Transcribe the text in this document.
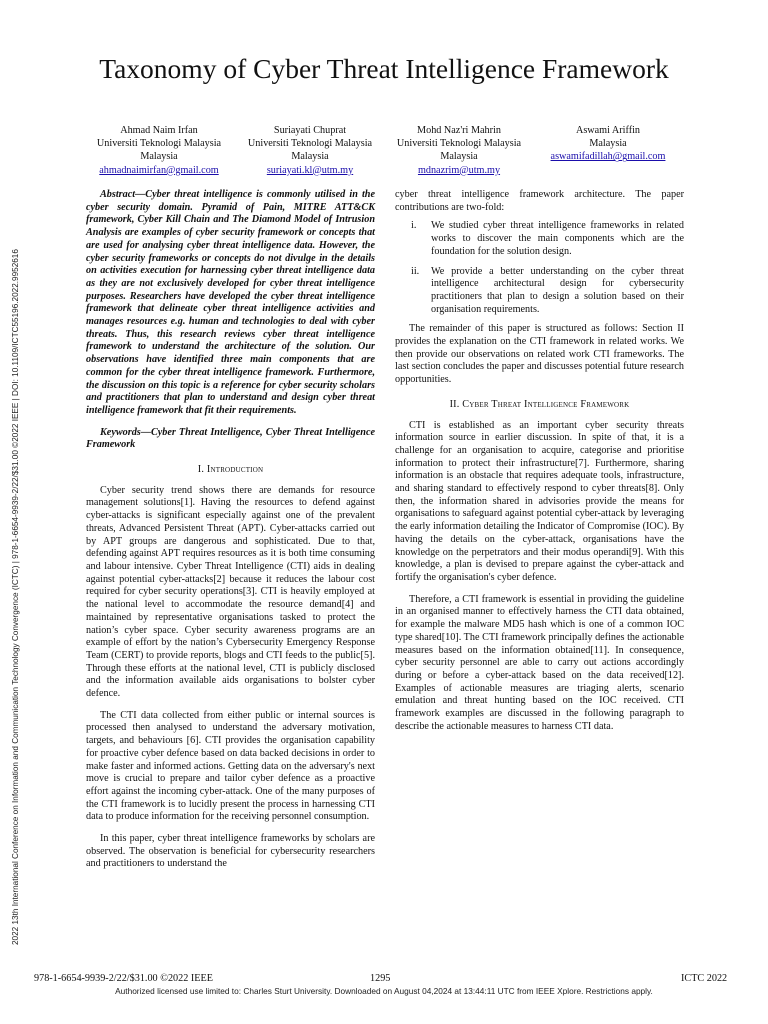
Taxonomy of Cyber Threat Intelligence Framework
2022 13th International Conference on Information and Communication Technology Convergence (ICTC) | 978-1-6654-9939-2/22/$31.00 ©2022 IEEE | DOI: 10.1109/ICTC55196.2022.9952616
Ahmad Naim Irfan
Universiti Teknologi Malaysia
Malaysia
ahmadnaimirfan@gmail.com
Suriayati Chuprat
Universiti Teknologi Malaysia
Malaysia
suriayati.kl@utm.my
Mohd Naz'ri Mahrin
Universiti Teknologi Malaysia
Malaysia
mdnazrim@utm.my
Aswami Ariffin
Malaysia
aswamifadillah@gmail.com

Abstract—Cyber threat intelligence is commonly utilised in the cyber security domain. Pyramid of Pain, MITRE ATT&CK framework, Cyber Kill Chain and The Diamond Model of Intrusion Analysis are examples of cyber security framework or concepts that are used for analysing cyber threat intelligence data. However, the cyber security frameworks or concepts do not divulge in the details on activities execution for harnessing cyber threat intelligence data as they are not exclusively developed for cyber threat intelligence purposes. Researchers have developed the cyber threat intelligence framework that delineate cyber threat intelligence activities and manages resources e.g. human and technologies to deal with cyber threats. Thus, this research reviews cyber threat intelligence framework to understand the architecture of the solution. Our observations have identified three main components that are common for the cyber threat intelligence framework. Furthermore, the discussion on this topic is a reference for cyber security scholars and practitioners that plan to understand and design cyber threat intelligence framework that fit their requirements.

Keywords—Cyber Threat Intelligence, Cyber Threat Intelligence Framework

I. Introduction

Cyber security trend shows there are demands for resource management solutions[1]. Having the resources to defend against cyber-attacks is significant especially against one of the prevalent threats, Advanced Persistent Threat (APT). Cyber-attacks carried out by APT groups are dangerous and sophisticated. Due to that, defending against APT requires resources as it is both time consuming and labour intensive. Cyber Threat Intelligence (CTI) aids in dealing against potential cyber-attacks[2] because it reduces the labour cost required for cyber security operations[3]. CTI is heavily employed at the national level to accommodate the resource demand[4] and maintained by representative organisations tasked to protect the nation’s cyber space. Cyber security awareness programs are an example of effort by the nation’s Cybersecurity Emergency Response Team (CERT) to provide reports, blogs and CTI feeds to the public[5]. Through these efforts at the national level, CTI is publicly disclosed and the information available aids organisations to bolster cyber defence.

The CTI data collected from either public or internal sources is processed then analysed to understand the adversary motivation, targets, and behaviours [6]. CTI provides the organisation capability for proactive cyber defence based on data backed decisions in order to make faster and informed actions. Getting data on the adversary's next move is crucial to prepare and tailor cyber defence as a proactive effort against the incoming cyber-attack. One of the many purposes of the CTI framework is to lucidly present the process in harnessing CTI data to produce information for the receiving personnel consumption.

In this paper, cyber threat intelligence frameworks by scholars are observed. The observation is beneficial for cybersecurity researchers and practitioners to understand the

cyber threat intelligence framework architecture. The paper contributions are two-fold:

i. We studied cyber threat intelligence frameworks in related works to discover the main components which are the foundation for the solution design.
ii. We provide a better understanding on the cyber threat intelligence architectural design for cybersecurity practitioners that plan to design a solution based on their organisation requirements.

The remainder of this paper is structured as follows: Section II provides the explanation on the CTI framework in related works. We then provide our observations on related work CTI frameworks. The last section concludes the paper and discusses potential future research opportunities.

II. Cyber Threat Intelligence Framework

CTI is established as an important cyber security threats information source in earlier discussion. In spite of that, it is a challenge for an organisation to acquire, categorise and prioritise information to protect their infrastructure[7]. Furthermore, sharing information is an obstacle that requires adequate tools, infrastructure, and sharing standard to effectively respond to cyber threats[8]. Only then, the information shared in advisories provide the means for organisations to safeguard against potential cyber-attack by leveraging the early information detailing the Indicator of Compromise (IOC). By having the details on the cyber-attack, organisations have the knowledge on the perpetrators and their modus operandi[9]. With this knowledge, a plan is devised to prepare against the cyber-attack and fortify the organisation's cyber defence.

Therefore, a CTI framework is essential in providing the guideline in an organised manner to effectively harness the CTI data obtained, for example the malware MD5 hash which is one of a common IOC type shared[10]. The CTI framework principally defines the actionable measures based on the information obtained[11]. In consequence, cyber security personnel are able to carry out actions accordingly during or before a cyber-attack based on the data received[12]. Examples of actionable measures are triaging alerts, scenario emulation and threat hunting based on the IOC received. CTI framework examples are discussed in the following paragraph to describe the actionable measures to harness CTI data.

978-1-6654-9939-2/22/$31.00 ©2022 IEEE	1295	ICTC 2022
Authorized licensed use limited to: Charles Sturt University. Downloaded on August 04,2024 at 13:44:11 UTC from IEEE Xplore. Restrictions apply.
